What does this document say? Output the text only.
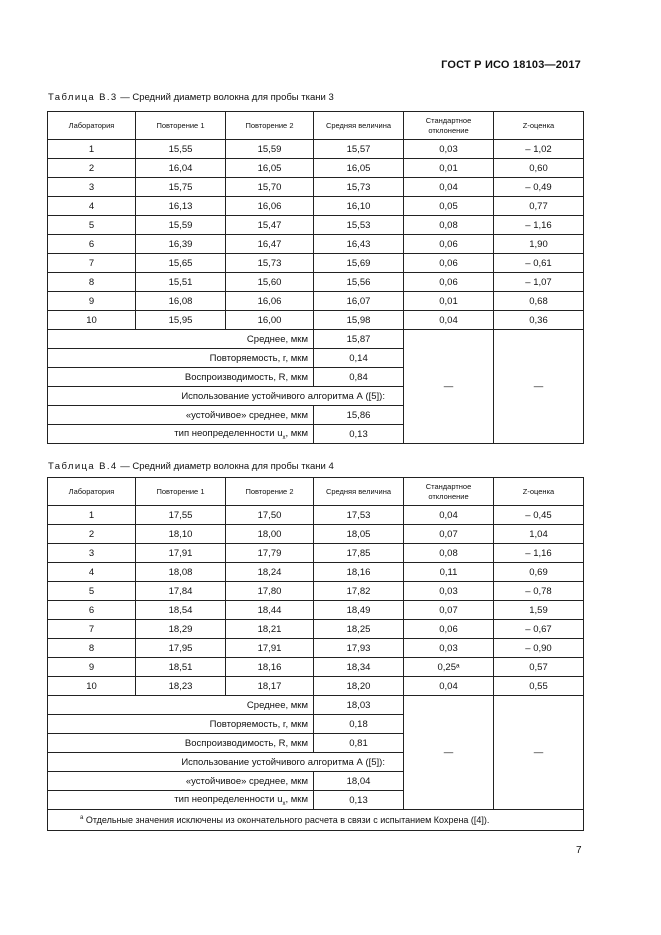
ГОСТ Р ИСО 18103—2017
Таблица В.3 — Средний диаметр волокна для пробы ткани 3
Лаборатория	Повторение 1	Повторение 2	Средняя величина	Стандартное отклонение	Z-оценка
1	15,55	15,59	15,57	0,03	– 1,02
2	16,04	16,05	16,05	0,01	0,60
3	15,75	15,70	15,73	0,04	– 0,49
4	16,13	16,06	16,10	0,05	0,77
5	15,59	15,47	15,53	0,08	– 1,16
6	16,39	16,47	16,43	0,06	1,90
7	15,65	15,73	15,69	0,06	– 0,61
8	15,51	15,60	15,56	0,06	– 1,07
9	16,08	16,06	16,07	0,01	0,68
10	15,95	16,00	15,98	0,04	0,36
Среднее, мкм			15,87	—	—
Повторяемость, r, мкм			0,14		
Воспроизводимость, R, мкм			0,84		
Использование устойчивого алгоритма А ([5]):					
«устойчивое» среднее, мкм			15,86		
тип неопределенности $u_x$, мкм			0,13		
Таблица В.4 — Средний диаметр волокна для пробы ткани 4
Лаборатория	Повторение 1	Повторение 2	Средняя величина	Стандартное отклонение	Z-оценка
1	17,55	17,50	17,53	0,04	– 0,45
2	18,10	18,00	18,05	0,07	1,04
3	17,91	17,79	17,85	0,08	– 1,16
4	18,08	18,24	18,16	0,11	0,69
5	17,84	17,80	17,82	0,03	– 0,78
6	18,54	18,44	18,49	0,07	1,59
7	18,29	18,21	18,25	0,06	– 0,67
8	17,95	17,91	17,93	0,03	– 0,90
9	18,51	18,16	18,34	0,25ᵃ	0,57
10	18,23	18,17	18,20	0,04	0,55
Среднее, мкм			18,03	—	—
Повторяемость, r, мкм			0,18		
Воспроизводимость, R, мкм			0,81		
Использование устойчивого алгоритма А ([5]):					
«устойчивое» среднее, мкм			18,04		
тип неопределенности $u_x$, мкм			0,13		
$^a$ Отдельные значения исключены из окончательного расчета в связи с испытанием Кохрена ([4]).					
7
